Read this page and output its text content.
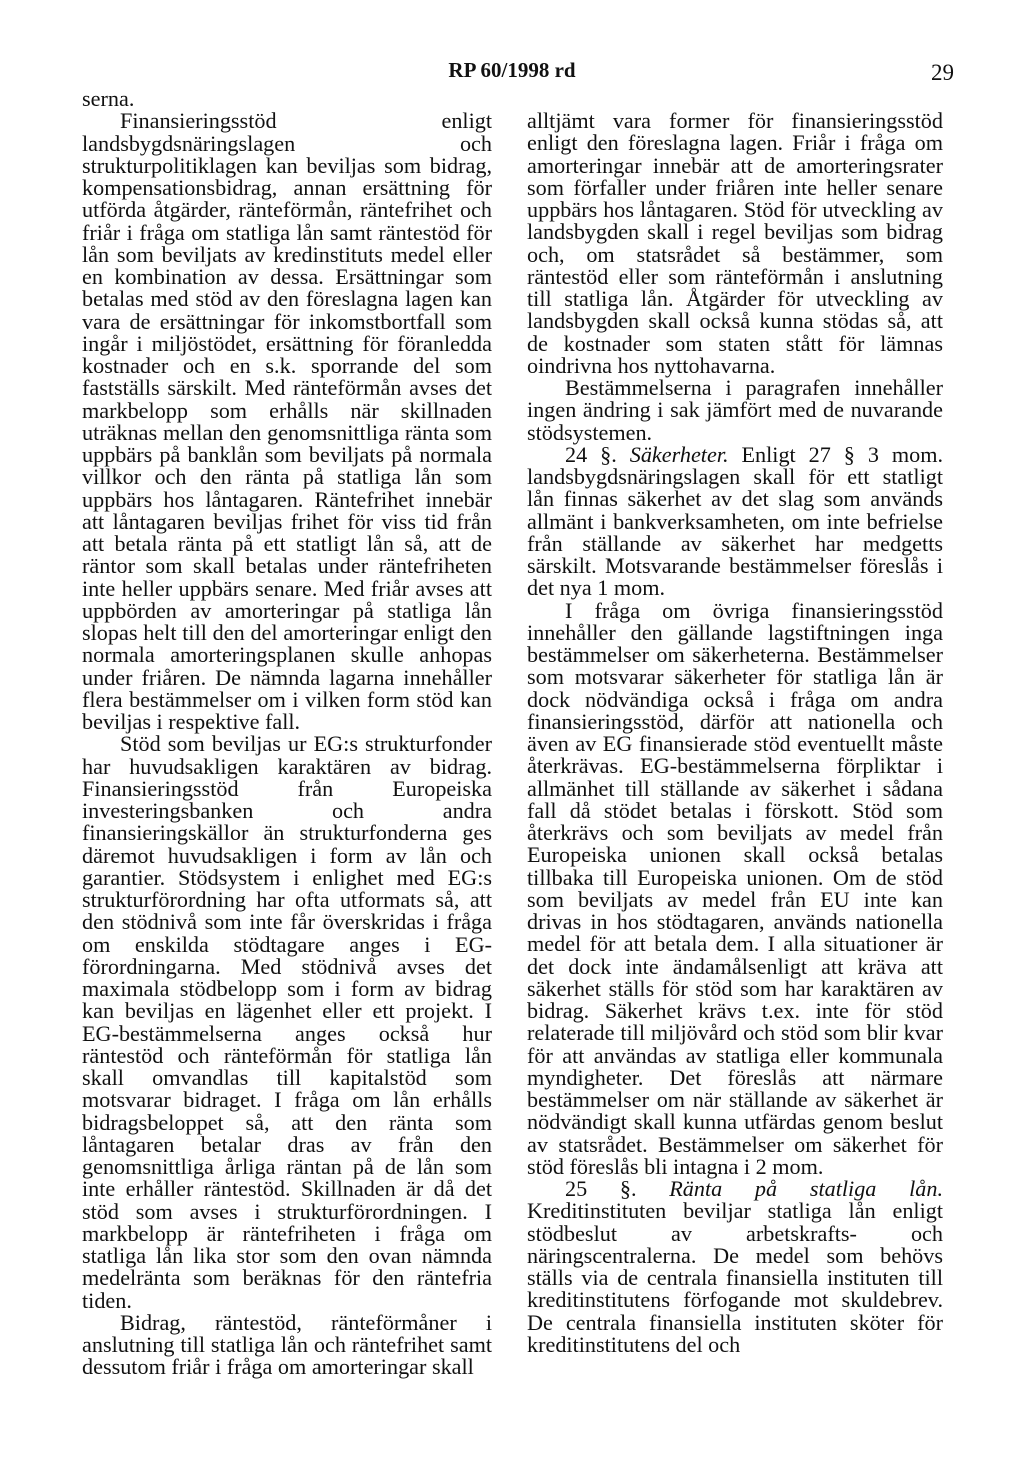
RP 60/1998 rd	29

serna.

Finansieringsstöd enligt landsbygdsnäringslagen och strukturpolitiklagen kan beviljas som bidrag, kompensationsbidrag, annan ersättning för utförda åtgärder, ränteförmån, räntefrihet och friår i fråga om statliga lån samt räntestöd för lån som beviljats av kredinstituts medel eller en kombination av dessa. Ersättningar som betalas med stöd av den föreslagna lagen kan vara de ersättningar för inkomstbortfall som ingår i miljöstödet, ersättning för föranledda kostnader och en s.k. sporrande del som fastställs särskilt. Med ränteförmån avses det markbelopp som erhålls när skillnaden uträknas mellan den genomsnittliga ränta som uppbärs på banklån som beviljats på normala villkor och den ränta på statliga lån som uppbärs hos låntagaren. Räntefrihet innebär att låntagaren beviljas frihet för viss tid från att betala ränta på ett statligt lån så, att de räntor som skall betalas under räntefriheten inte heller uppbärs senare. Med friår avses att uppbörden av amorteringar på statliga lån slopas helt till den del amorteringar enligt den normala amorteringsplanen skulle anhopas under friåren. De nämnda lagarna innehåller flera bestämmelser om i vilken form stöd kan beviljas i respektive fall.

Stöd som beviljas ur EG:s strukturfonder har huvudsakligen karaktären av bidrag. Finansieringsstöd från Europeiska investeringsbanken och andra finansieringskällor än strukturfonderna ges däremot huvudsakligen i form av lån och garantier. Stödsystem i enlighet med EG:s strukturförordning har ofta utformats så, att den stödnivå som inte får överskridas i fråga om enskilda stödtagare anges i EG-förordningarna. Med stödnivå avses det maximala stödbelopp som i form av bidrag kan beviljas en lägenhet eller ett projekt. I EG-bestämmelserna anges också hur räntestöd och ränteförmån för statliga lån skall omvandlas till kapitalstöd som motsvarar bidraget. I fråga om lån erhålls bidragsbeloppet så, att den ränta som låntagaren betalar dras av från den genomsnittliga årliga räntan på de lån som inte erhåller räntestöd. Skillnaden är då det stöd som avses i strukturförordningen. I markbelopp är räntefriheten i fråga om statliga lån lika stor som den ovan nämnda medelränta som beräknas för den räntefria tiden.

Bidrag, räntestöd, ränteförmåner i anslutning till statliga lån och räntefrihet samt dessutom friår i fråga om amorteringar skall

alltjämt vara former för finansieringsstöd enligt den föreslagna lagen. Friår i fråga om amorteringar innebär att de amorteringsrater som förfaller under friåren inte heller senare uppbärs hos låntagaren. Stöd för utveckling av landsbygden skall i regel beviljas som bidrag och, om statsrådet så bestämmer, som räntestöd eller som ränteförmån i anslutning till statliga lån. Åtgärder för utveckling av landsbygden skall också kunna stödas så, att de kostnader som staten stått för lämnas oindrivna hos nyttohavarna.

Bestämmelserna i paragrafen innehåller ingen ändring i sak jämfört med de nuvarande stödsystemen.

24 §. Säkerheter. Enligt 27 § 3 mom. landsbygdsnäringslagen skall för ett statligt lån finnas säkerhet av det slag som används allmänt i bankverksamheten, om inte befrielse från ställande av säkerhet har medgetts särskilt. Motsvarande bestämmelser föreslås i det nya 1 mom.

I fråga om övriga finansieringsstöd innehåller den gällande lagstiftningen inga bestämmelser om säkerheterna. Bestämmelser som motsvarar säkerheter för statliga lån är dock nödvändiga också i fråga om andra finansieringsstöd, därför att nationella och även av EG finansierade stöd eventuellt måste återkrävas. EG-bestämmelserna förpliktar i allmänhet till ställande av säkerhet i sådana fall då stödet betalas i förskott. Stöd som återkrävs och som beviljats av medel från Europeiska unionen skall också betalas tillbaka till Europeiska unionen. Om de stöd som beviljats av medel från EU inte kan drivas in hos stödtagaren, används nationella medel för att betala dem. I alla situationer är det dock inte ändamålsenligt att kräva att säkerhet ställs för stöd som har karaktären av bidrag. Säkerhet krävs t.ex. inte för stöd relaterade till miljövård och stöd som blir kvar för att användas av statliga eller kommunala myndigheter. Det föreslås att närmare bestämmelser om när ställande av säkerhet är nödvändigt skall kunna utfärdas genom beslut av statsrådet. Bestämmelser om säkerhet för stöd föreslås bli intagna i 2 mom.

25 §. Ränta på statliga lån. Kreditinstituten beviljar statliga lån enligt stödbeslut av arbetskrafts- och näringscentralerna. De medel som behövs ställs via de centrala finansiella instituten till kreditinstitutens förfogande mot skuldebrev. De centrala finansiella instituten sköter för kreditinstitutens del och
